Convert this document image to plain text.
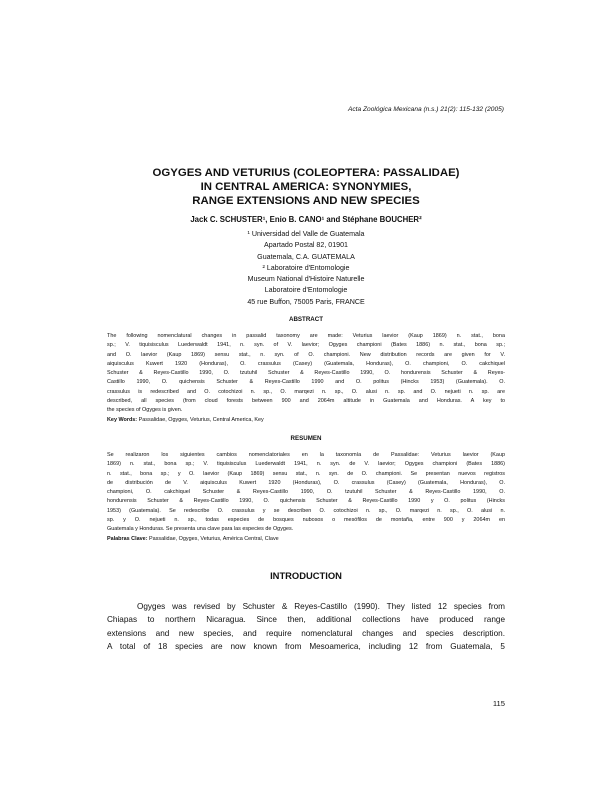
Acta Zoológica Mexicana (n.s.) 21(2): 115-132 (2005)
OGYGES AND VETURIUS (COLEOPTERA: PASSALIDAE)
IN CENTRAL AMERICA: SYNONYMIES,
RANGE EXTENSIONS AND NEW SPECIES
Jack C. SCHUSTER¹, Enio B. CANO¹ and Stéphane BOUCHER²
¹ Universidad del Valle de Guatemala
Apartado Postal 82, 01901
Guatemala, C.A. GUATEMALA
² Laboratoire d'Entomologie
Museum National d'Histoire Naturelle
Laboratoire d'Entomologie
45 rue Buffon, 75005 Paris, FRANCE
ABSTRACT
The following nomenclatural changes in passalid taxonomy are made: Veturius laevior (Kaup 1869) n. stat., bona
sp.; V. tiquisisculus Luederwaldt 1941, n. syn. of V. laevior; Ogyges championi (Bates 1886) n. stat., bona sp.;
and O. laevior (Kaup 1869) sensu stat., n. syn. of O. championi. New distribution records are given for V.
aiquisculus Kuwert 1920 (Honduras), O. crassulus (Casey) (Guatemala, Honduras), O. championi, O. cakchiquel
Schuster & Reyes-Castillo 1990, O. tzutuhil Schuster & Reyes-Castillo 1990, O. hondurensis Schuster & Reyes-
Castillo 1990, O. quichensis Schuster & Reyes-Castillo 1990 and O. politus (Hincks 1953) (Guatemala). O.
crassulus is redescribed and O. cotochizoi n. sp., O. marqezi n. sp., O. alusi n. sp. and O. nejueti n. sp. are
described, all species (from cloud forests between 900 and 2064m altitude in Guatemala and Honduras. A key to
the species of Ogyges is given.
Key Words: Passalidae, Ogyges, Veturius, Central America, Key
RESUMEN
Se realizaron los siguientes cambios nomenclatoriales en la taxonomía de Passalidae: Veturius laevior (Kaup
1869) n. stat., bona sp.; V. tiquisisculus Luederwaldt 1941, n. syn. de V. laevior; Ogyges championi (Bates 1886)
n. stat., bona sp.; y O. laevior (Kaup 1869) sensu stat., n. syn. de O. championi. Se presentan nuevos registros
de distribución de V. aiquisculus Kuwert 1920 (Honduras), O. crassulus (Casey) (Guatemala, Honduras), O.
championi, O. cakchiquel Schuster & Reyes-Castillo 1990, O. tzutuhil Schuster & Reyes-Castillo 1990, O.
hondurensis Schuster & Reyes-Castillo 1990, O. quichensis Schuster & Reyes-Castillo 1990 y O. politus (Hincks
1953) (Guatemala). Se redescribe O. crassulus y se describen O. cotochizoi n. sp., O. marqezi n. sp., O. alusi n.
sp. y O. nejueti n. sp., todas especies de bosques nubosos o mesófilos de montaña, entre 900 y 2064m en
Guatemala y Honduras. Se presenta una clave para las especies de Ogyges.
Palabras Clave: Passalidae, Ogyges, Veturius, América Central, Clave
INTRODUCTION
Ogyges was revised by Schuster & Reyes-Castillo (1990). They listed 12 species from
Chiapas to northern Nicaragua. Since then, additional collections have produced range
extensions and new species, and require nomenclatural changes and species description.
A total of 18 species are now known from Mesoamerica, including 12 from Guatemala, 5
115
